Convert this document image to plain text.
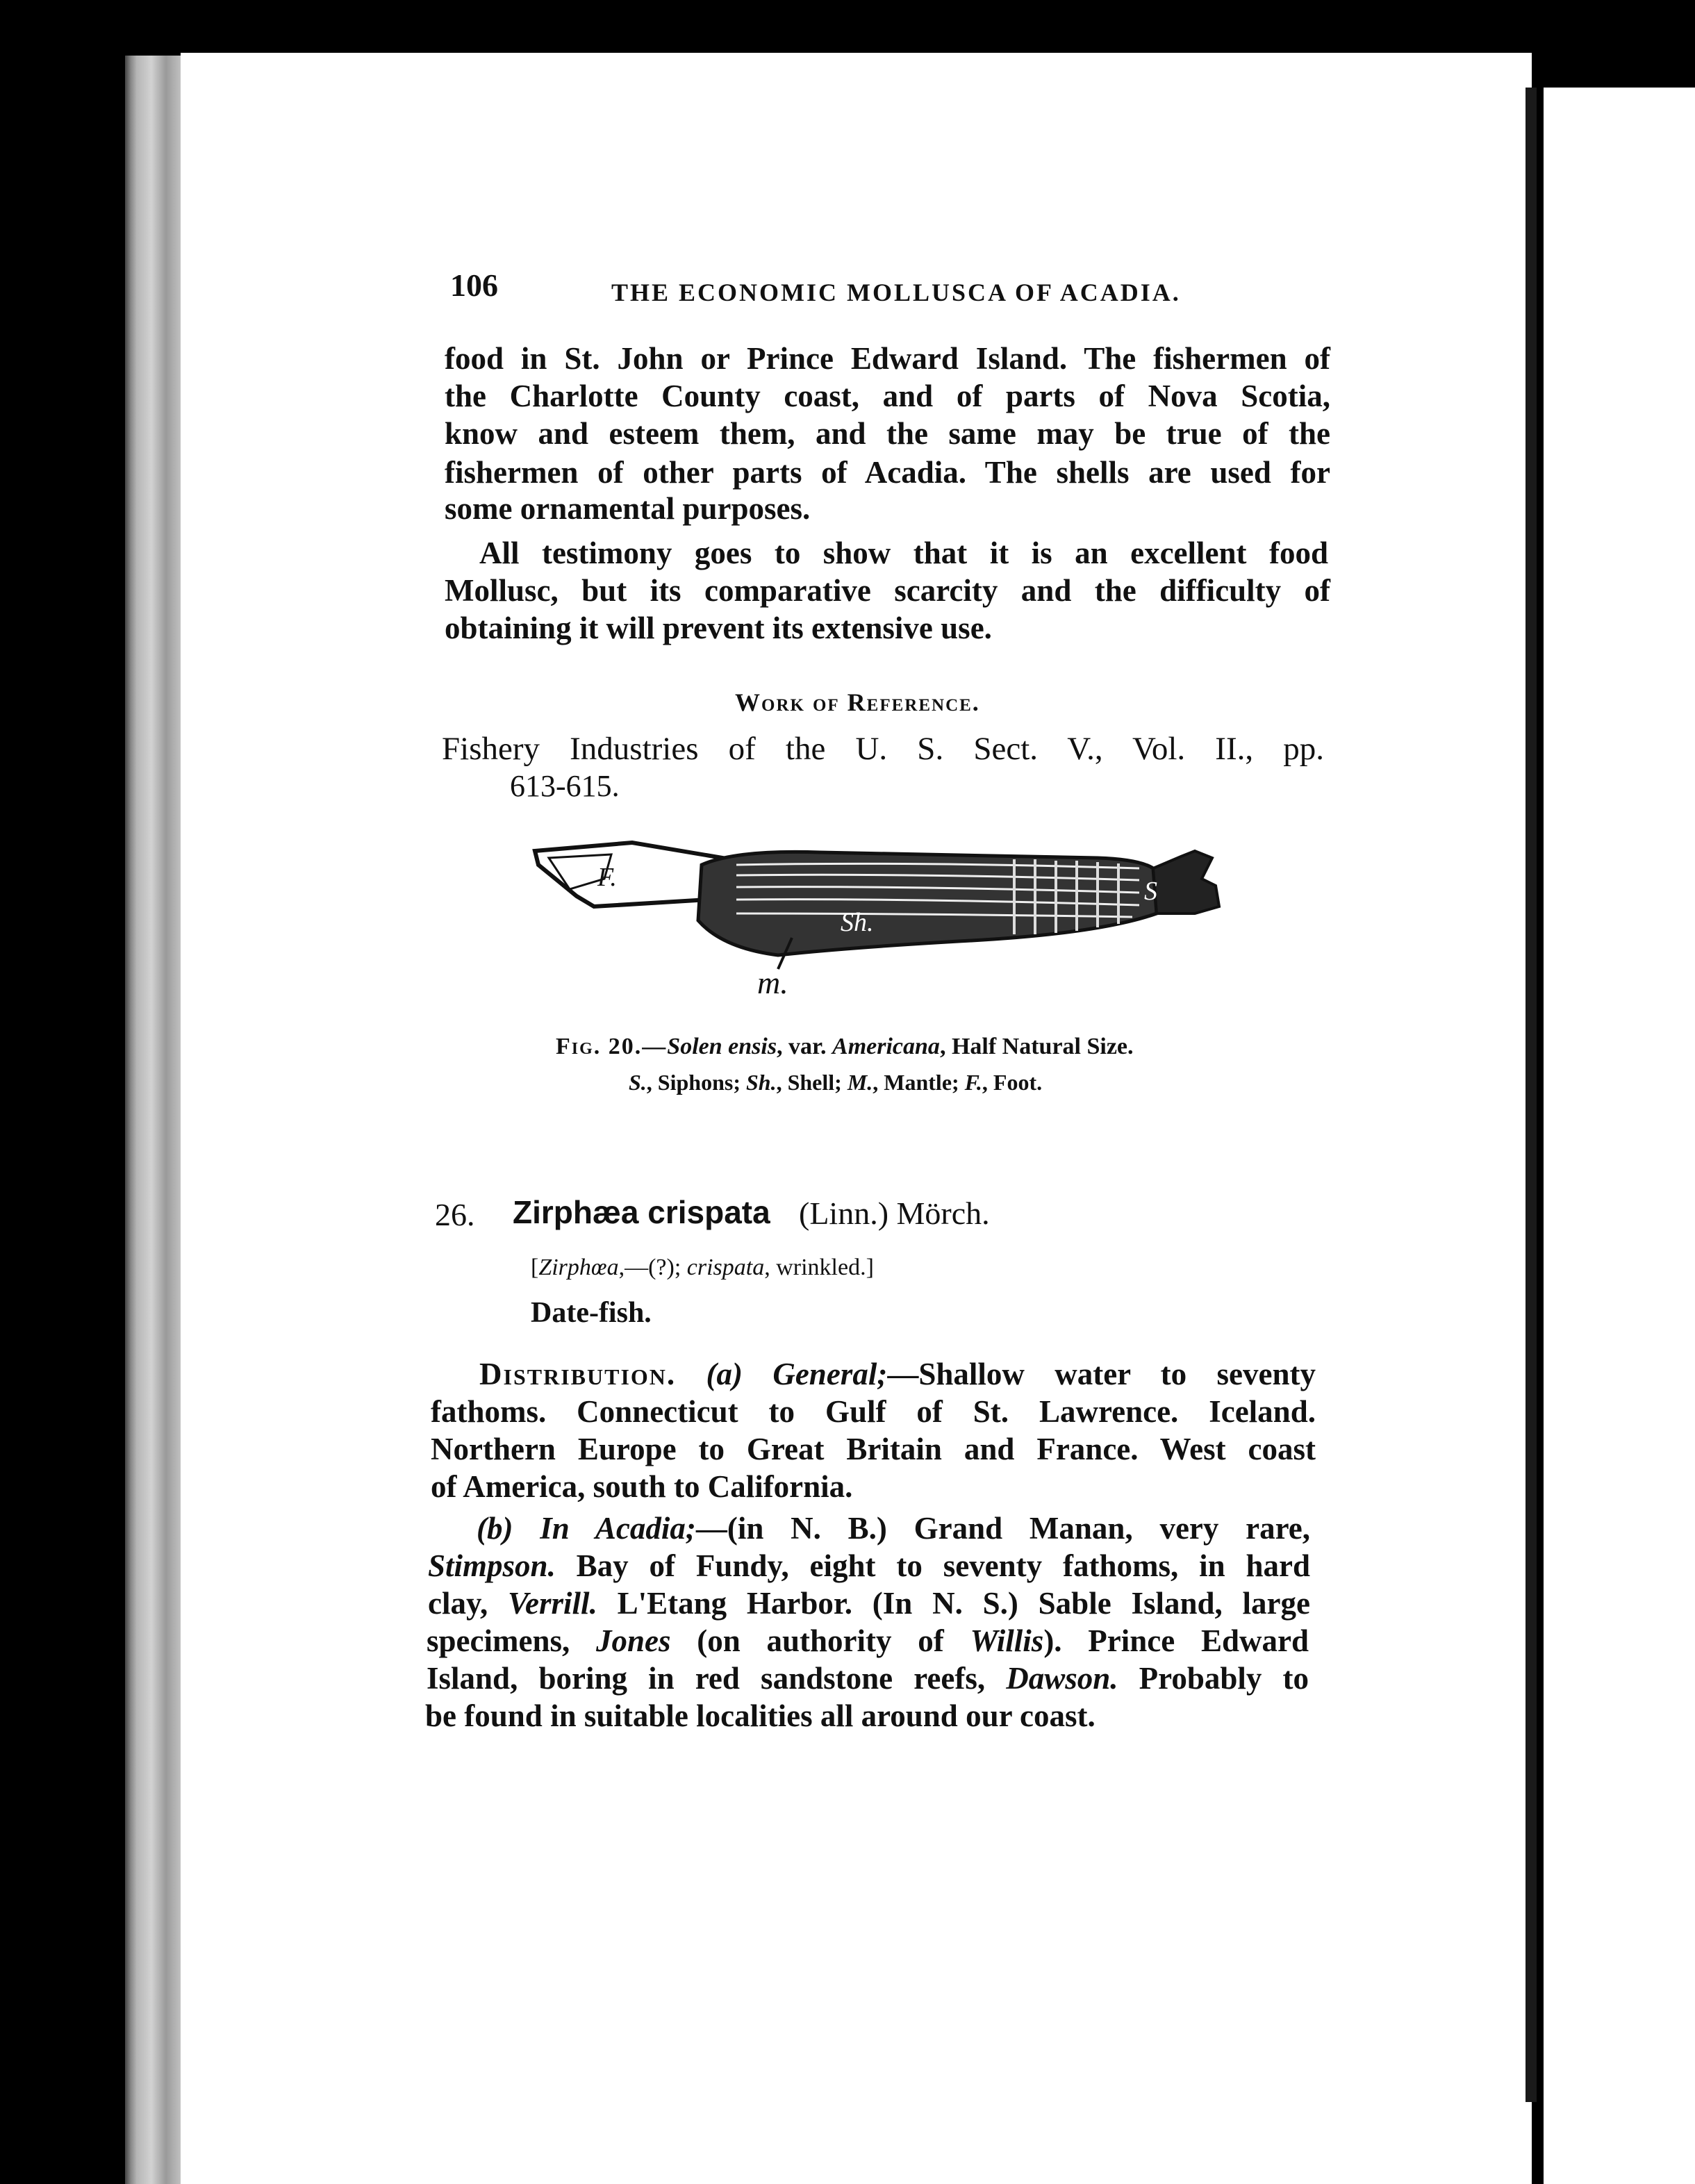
106	THE ECONOMIC MOLLUSCA OF ACADIA.

food in St. John or Prince Edward Island. The fishermen of

the Charlotte County coast, and of parts of Nova Scotia,

know and esteem them, and the same may be true of the

fishermen of other parts of Acadia. The shells are used for

some ornamental purposes.

All testimony goes to show that it is an excellent food

Mollusc, but its comparative scarcity and the difficulty of

obtaining it will prevent its extensive use.

Work of Reference.

Fishery Industries of the U. S. Sect. V., Vol. II., pp.

613-615.

F.
Sh.
S
m.

Fig. 20.—Solen ensis, var. Americana, Half Natural Size.

S., Siphons; Sh., Shell; M., Mantle; F., Foot.

26. Zirphæa crispata (Linn.) Mörch.

[Zirphœa,—(?); crispata, wrinkled.]

Date-fish.

Distribution. (a) General;—Shallow water to seventy

fathoms. Connecticut to Gulf of St. Lawrence. Iceland.

Northern Europe to Great Britain and France. West coast

of America, south to California.

(b) In Acadia;—(in N. B.) Grand Manan, very rare,

Stimpson. Bay of Fundy, eight to seventy fathoms, in hard

clay, Verrill. L'Etang Harbor. (In N. S.) Sable Island, large

specimens, Jones (on authority of Willis). Prince Edward

Island, boring in red sandstone reefs, Dawson. Probably to

be found in suitable localities all around our coast.
